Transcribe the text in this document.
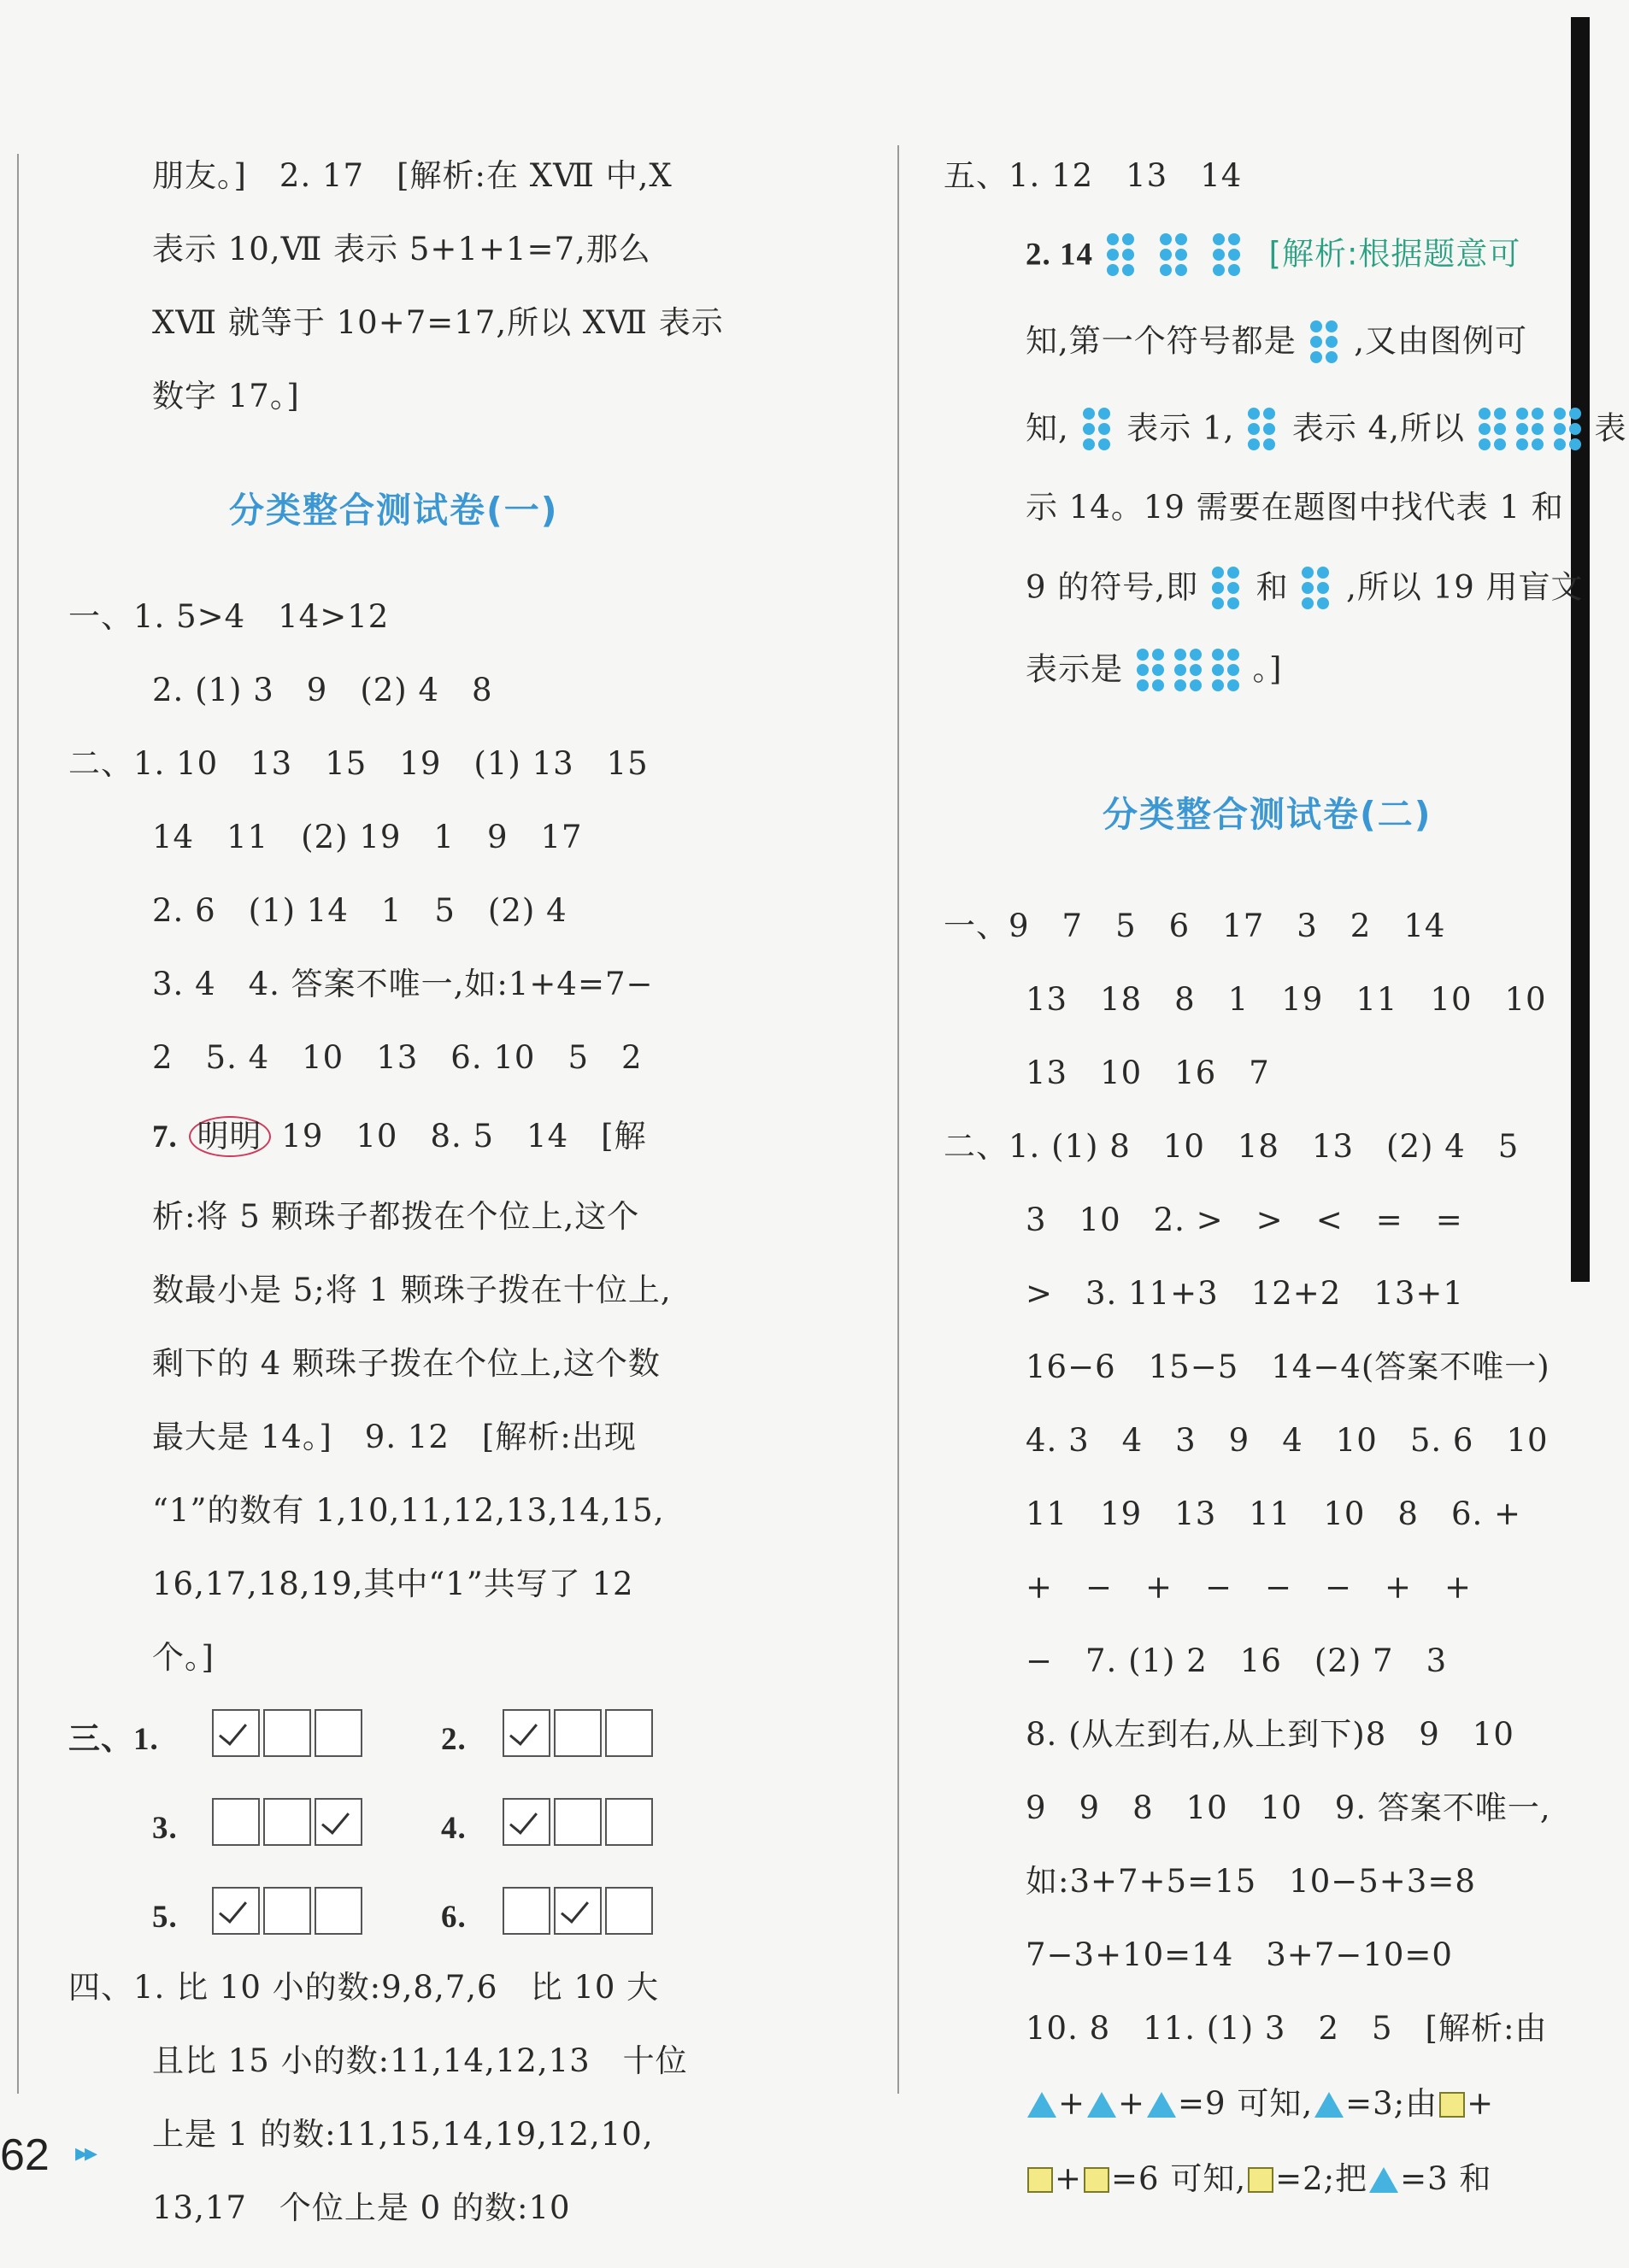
朋友。]　2. 17　[解析:在 XⅦ 中,X
表示 10,Ⅶ 表示 5+1+1=7,那么
XⅦ 就等于 10+7=17,所以 XⅦ 表示
数字 17。]
分类整合测试卷(一)
一、1. 5>4　14>12
2. (1) 3　9　(2) 4　8
二、1. 10　13　15　19　(1) 13　15
14　11　(2) 19　1　9　17
2. 6　(1) 14　1　5　(2) 4
3. 4　4. 答案不唯一,如:1+4=7−
2　5. 4　10　13　6. 10　5　2
7. 明明 19　10　8. 5　14　[解
析:将 5 颗珠子都拨在个位上,这个
数最小是 5;将 1 颗珠子拨在十位上,
剩下的 4 颗珠子拨在个位上,这个数
最大是 14。]　9. 12　[解析:出现
“1”的数有 1,10,11,12,13,14,15,
16,17,18,19,其中“1”共写了 12
个。]
三、1.	2.
3.	4.
5.	6.
四、1. 比 10 小的数:9,8,7,6　比 10 大
且比 15 小的数:11,14,12,13　十位
上是 1 的数:11,15,14,19,12,10,
13,17　个位上是 0 的数:10
五、1. 12　13　14
2. 14	[解析:根据题意可
知,第一个符号都是 ,又由图例可
知, 表示 1, 表示 4,所以	表
示 14。19 需要在题图中找代表 1 和
9 的符号,即 和 ,所以 19 用盲文
表示是	。]
分类整合测试卷(二)
一、9　7　5　6　17　3　2　14
13　18　8　1　19　11　10　10
13　10　16　7
二、1. (1) 8　10　18　13　(2) 4　5
3　10　2. >　>　<　=　=
>　3. 11+3　12+2　13+1
16−6　15−5　14−4(答案不唯一)
4. 3　4　3　9　4　10　5. 6　10
11　19　13　11　10　8　6. +
+　−　+　−　−　−　+　+
−　7. (1) 2　16　(2) 7　3
8. (从左到右,从上到下)8　9　10
9　9　8　10　10　9. 答案不唯一,
如:3+7+5=15　10−5+3=8
7−3+10=14　3+7−10=0
10. 8　11. (1) 3　2　5　[解析:由
+ + =9 可知, =3;由 +
+ =6 可知, =2;把 =3 和
62 ▸▸
